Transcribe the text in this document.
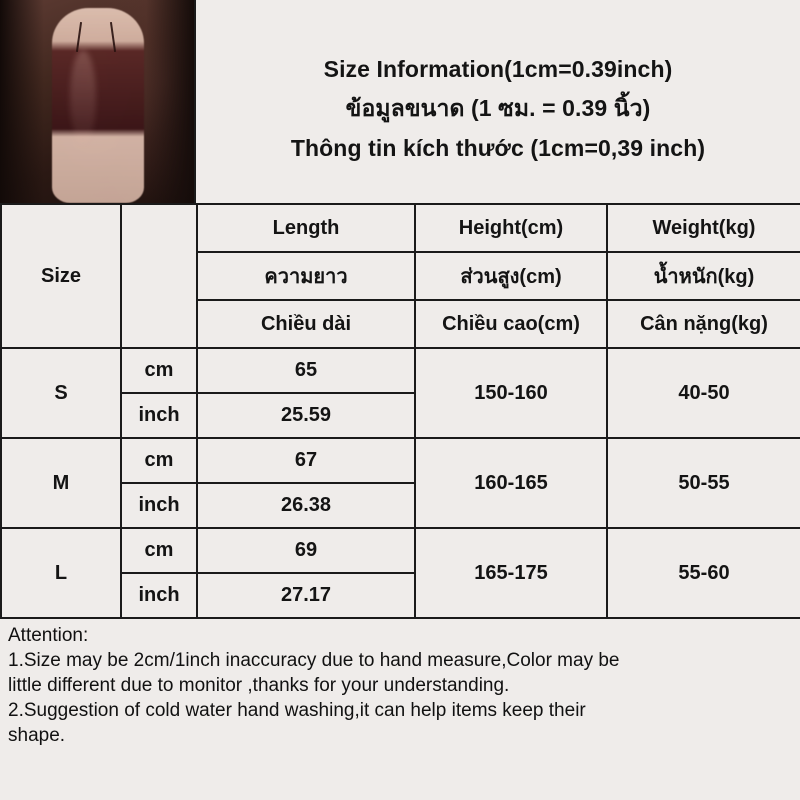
Size Information(1cm=0.39inch)
ข้อมูลขนาด (1 ซม. = 0.39 นิ้ว)
Thông tin kích thước (1cm=0,39 inch)
Size		Length	Height(cm)	Weight(kg)
		ความยาว	ส่วนสูง(cm)	น้ำหนัก(kg)
		Chiều dài	Chiều cao(cm)	Cân nặng(kg)
S	cm	65	150-160	40-50
	inch	25.59		
M	cm	67	160-165	50-55
	inch	26.38		
L	cm	69	165-175	55-60
	inch	27.17		

Attention:

1.Size may be 2cm/1inch inaccuracy due to hand measure,Color may be

little different due to monitor ,thanks for your understanding.

2.Suggestion of cold water hand washing,it can help items keep their

shape.
